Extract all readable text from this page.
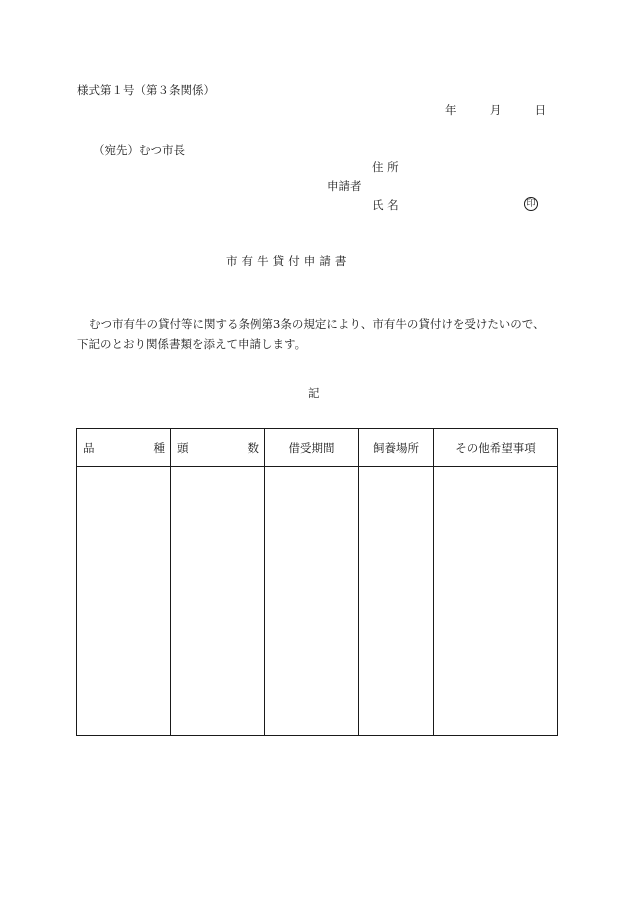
様式第１号（第３条関係）
年	月	日
（宛先）むつ市長
住 所
申請者
氏 名	印
市 有 牛 貸 付 申 請 書

むつ市有牛の貸付等に関する条例第3条の規定により、市有牛の貸付けを受けたいので、

下記のとおり関係書類を添えて申請します。

記
品 種	頭 数	借受期間	飼養場所	その他希望事項
